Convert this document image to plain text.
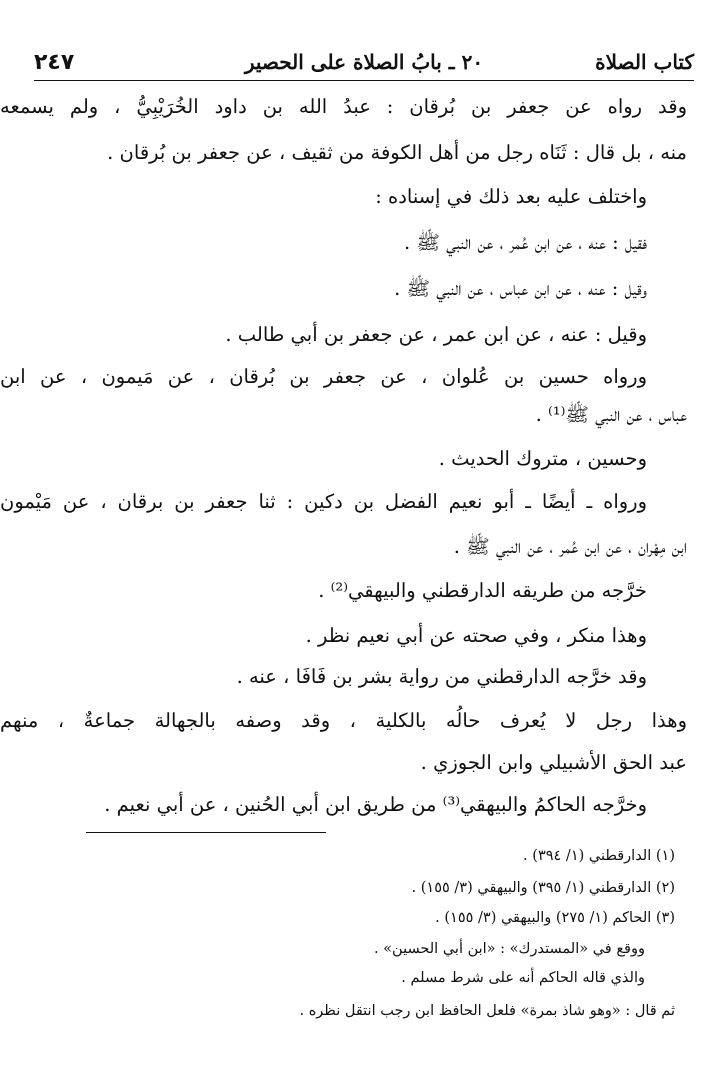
كتاب الصلاة
٢٠ ـ بابُ الصلاة على الحصير
٢٤٧
وقد رواه عن جعفر بن بُرقان : عبدُ الله بن داود الخُرَيْبِيُّ ، ولم يسمعه
منه ، بل قال : ثَنَاه رجل من أهل الكوفة من ثقيف ، عن جعفر بن بُرقان .
واختلف عليه بعد ذلك في إسناده :
فقيل : عنه ، عن ابن عُمر ، عن النبي ﷺ .
وقيل : عنه ، عن ابن عباس ، عن النبي ﷺ .
وقيل : عنه ، عن ابن عمر ، عن جعفر بن أبي طالب .
ورواه حسين بن عُلوان ، عن جعفر بن بُرقان ، عن مَيمون ، عن ابن
عباس ، عن النبي ﷺ⁽¹⁾ .
وحسين ، متروك الحديث .
ورواه ـ أيضًا ـ أبو نعيم الفضل بن دكين : ثنا جعفر بن برقان ، عن مَيْمون
ابن مِهْران ، عن ابن عُمر ، عن النبي ﷺ .
خرَّجه من طريقه الدارقطني والبيهقي⁽²⁾ .
وهذا منكر ، وفي صحته عن أبي نعيم نظر .
وقد خرَّجه الدارقطني من رواية بشر بن فَافَا ، عنه .
وهذا رجل لا يُعرف حالُه بالكلية ، وقد وصفه بالجهالة جماعةٌ ، منهم
عبد الحق الأشبيلي وابن الجوزي .
وخرَّجه الحاكمُ والبيهقي⁽³⁾ من طريق ابن أبي الحُنين ، عن أبي نعيم .
(١) الدارقطني (١/ ٣٩٤) .
(٢) الدارقطني (١/ ٣٩٥) والبيهقي (٣/ ١٥٥) .
(٣) الحاكم (١/ ٢٧٥) والبيهقي (٣/ ١٥٥) .
ووقع في «المستدرك» : «ابن أبي الحسين» .
والذي قاله الحاكم أنه على شرط مسلم .
ثم قال : «وهو شاذ بمرة» فلعل الحافظ ابن رجب انتقل نظره .
